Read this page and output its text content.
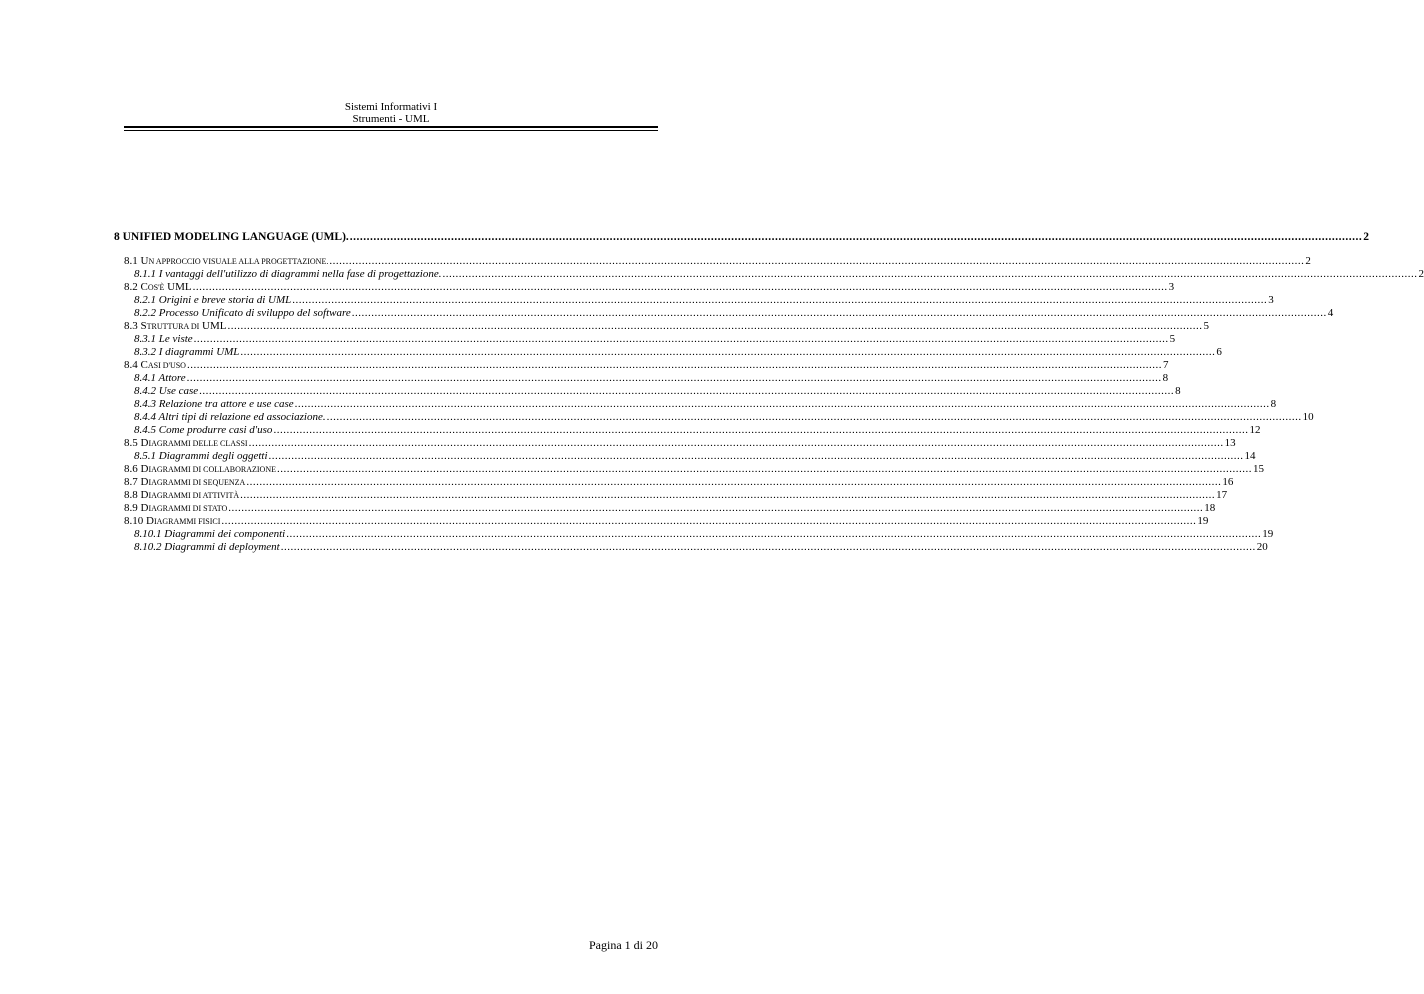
Sistemi Informativi I
Strumenti - UML
8 UNIFIED MODELING LANGUAGE (UML). ............................................................................................................................................................................................................................................................................................................ 2
8.1 UN APPROCCIO VISUALE ALLA PROGETTAZIONE. ............................................................................................................................................................................................................................................................................................................ 2
8.1.1 I vantaggi dell'utilizzo di diagrammi nella fase di progettazione. ............................................................................................................................................................................................................................................................................................................ 2
8.2 COS'È UML ............................................................................................................................................................................................................................................................................................................ 3
8.2.1 Origini e breve storia di UML ............................................................................................................................................................................................................................................................................................................ 3
8.2.2 Processo Unificato di sviluppo del software ............................................................................................................................................................................................................................................................................................................ 4
8.3 STRUTTURA DI UML ............................................................................................................................................................................................................................................................................................................ 5
8.3.1 Le viste ............................................................................................................................................................................................................................................................................................................ 5
8.3.2 I diagrammi UML ............................................................................................................................................................................................................................................................................................................ 6
8.4 CASI D'USO ............................................................................................................................................................................................................................................................................................................ 7
8.4.1 Attore ............................................................................................................................................................................................................................................................................................................ 8
8.4.2 Use case ............................................................................................................................................................................................................................................................................................................ 8
8.4.3 Relazione tra attore e use case ............................................................................................................................................................................................................................................................................................................ 8
8.4.4 Altri tipi di relazione ed associazione. ............................................................................................................................................................................................................................................................................................................ 10
8.4.5 Come produrre casi d'uso ............................................................................................................................................................................................................................................................................................................ 12
8.5 DIAGRAMMI DELLE CLASSI ............................................................................................................................................................................................................................................................................................................ 13
8.5.1 Diagrammi degli oggetti ............................................................................................................................................................................................................................................................................................................ 14
8.6 DIAGRAMMI DI COLLABORAZIONE ............................................................................................................................................................................................................................................................................................................ 15
8.7 DIAGRAMMI DI SEQUENZA ............................................................................................................................................................................................................................................................................................................ 16
8.8 DIAGRAMMI DI ATTIVITÀ ............................................................................................................................................................................................................................................................................................................ 17
8.9 DIAGRAMMI DI STATO ............................................................................................................................................................................................................................................................................................................ 18
8.10 DIAGRAMMI FISICI ............................................................................................................................................................................................................................................................................................................ 19
8.10.1 Diagrammi dei componenti ............................................................................................................................................................................................................................................................................................................ 19
8.10.2 Diagrammi di deployment ............................................................................................................................................................................................................................................................................................................ 20
Pagina 1 di 20
